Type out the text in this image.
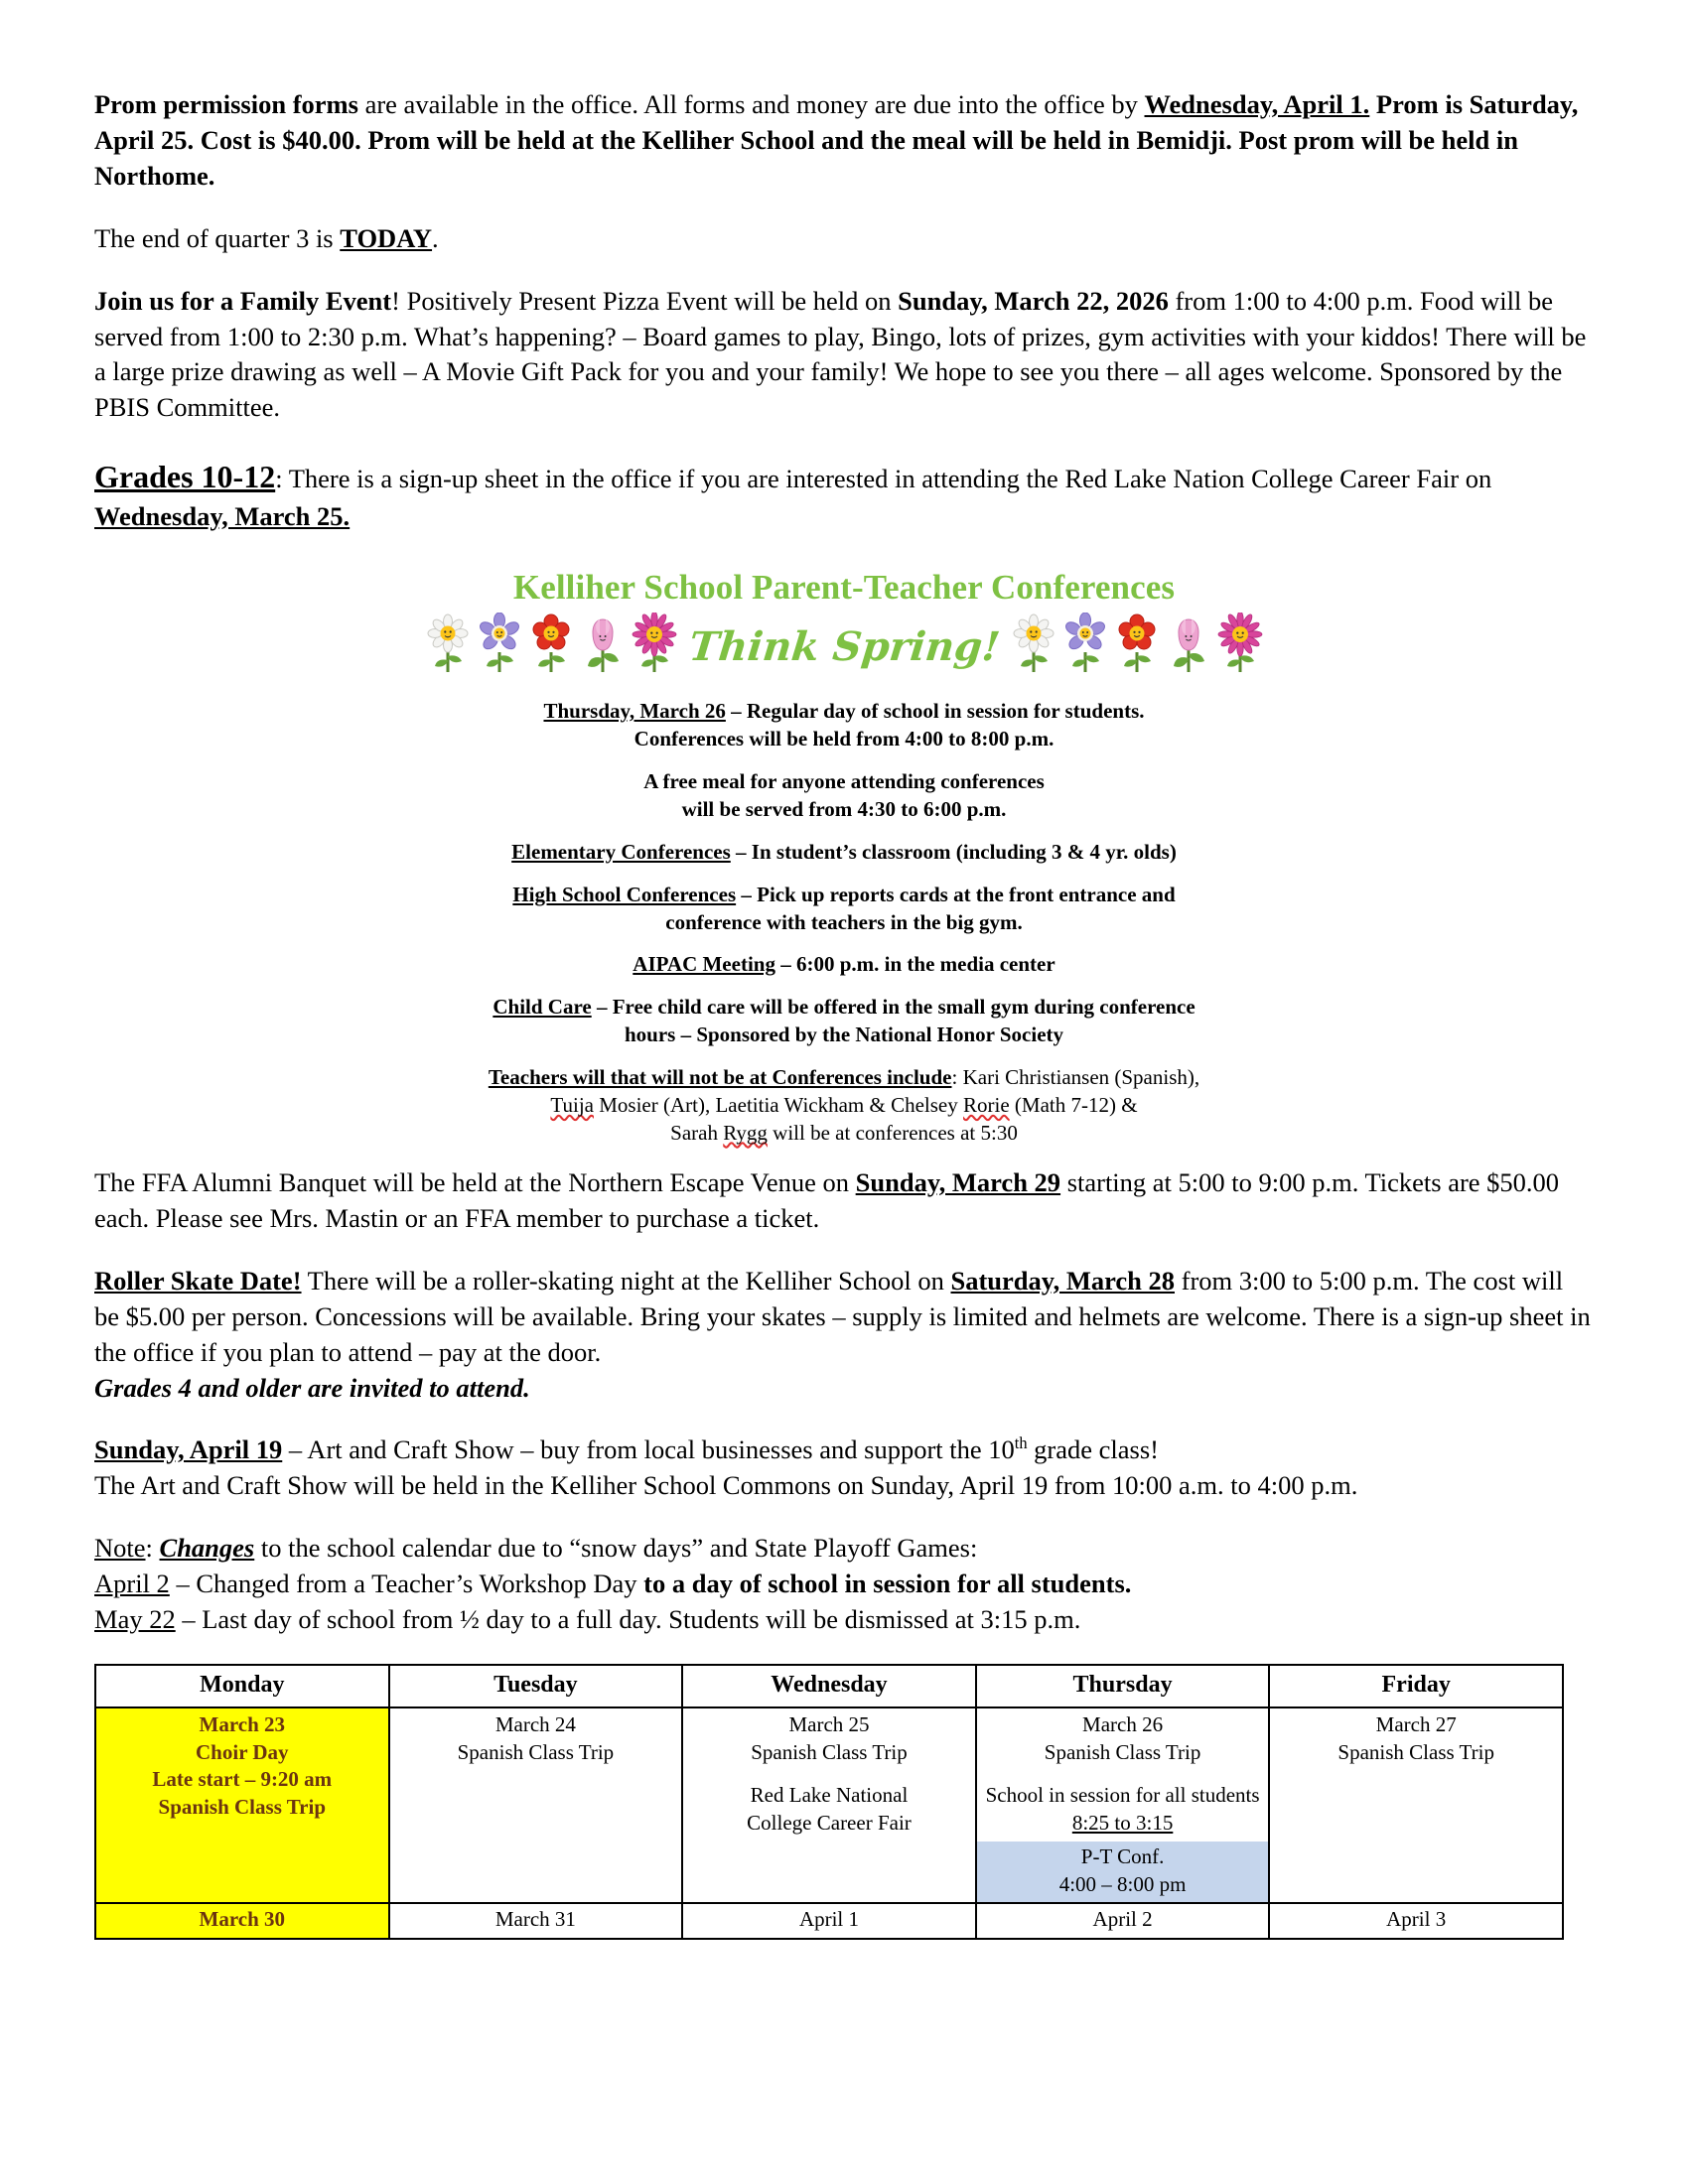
Prom permission forms are available in the office. All forms and money are due into the office by Wednesday, April 1. Prom is Saturday, April 25. Cost is $40.00. Prom will be held at the Kelliher School and the meal will be held in Bemidji. Post prom will be held in Northome.

The end of quarter 3 is TODAY.

Join us for a Family Event! Positively Present Pizza Event will be held on Sunday, March 22, 2026 from 1:00 to 4:00 p.m. Food will be served from 1:00 to 2:30 p.m. What’s happening? – Board games to play, Bingo, lots of prizes, gym activities with your kiddos! There will be a large prize drawing as well – A Movie Gift Pack for you and your family! We hope to see you there – all ages welcome. Sponsored by the PBIS Committee.

Grades 10-12: There is a sign-up sheet in the office if you are interested in attending the Red Lake Nation College Career Fair on Wednesday, March 25.

Kelliher School Parent-Teacher Conferences
Think Spring!
Thursday, March 26 – Regular day of school in session for students.
Conferences will be held from 4:00 to 8:00 p.m.
A free meal for anyone attending conferences
will be served from 4:30 to 6:00 p.m.
Elementary Conferences – In student’s classroom (including 3 & 4 yr. olds)
High School Conferences – Pick up reports cards at the front entrance and
conference with teachers in the big gym.
AIPAC Meeting – 6:00 p.m. in the media center
Child Care – Free child care will be offered in the small gym during conference
hours – Sponsored by the National Honor Society
Teachers will that will not be at Conferences include: Kari Christiansen (Spanish),
Tuija Mosier (Art), Laetitia Wickham & Chelsey Rorie (Math 7-12) &
Sarah Rygg will be at conferences at 5:30

The FFA Alumni Banquet will be held at the Northern Escape Venue on Sunday, March 29 starting at 5:00 to 9:00 p.m. Tickets are $50.00 each. Please see Mrs. Mastin or an FFA member to purchase a ticket.

Roller Skate Date! There will be a roller-skating night at the Kelliher School on Saturday, March 28 from 3:00 to 5:00 p.m. The cost will be $5.00 per person. Concessions will be available. Bring your skates – supply is limited and helmets are welcome. There is a sign-up sheet in the office if you plan to attend – pay at the door.

Grades 4 and older are invited to attend.

Sunday, April 19 – Art and Craft Show – buy from local businesses and support the 10th grade class!

The Art and Craft Show will be held in the Kelliher School Commons on Sunday, April 19 from 10:00 a.m. to 4:00 p.m.

Note: Changes to the school calendar due to “snow days” and State Playoff Games:

April 2 – Changed from a Teacher’s Workshop Day to a day of school in session for all students.

May 22 – Last day of school from ½ day to a full day. Students will be dismissed at 3:15 p.m.

Monday	Tuesday	Wednesday	Thursday	Friday

March 23
Choir Day
Late start – 9:20 am
Spanish Class Trip	March 24
Spanish Class Trip	March 25
Spanish Class Trip
Red Lake National
College Career Fair	March 26
Spanish Class Trip
School in session for all students 8:25 to 3:15
P-T Conf.
4:00 – 8:00 pm	March 27
Spanish Class Trip

March 30	March 31	April 1	April 2	April 3
